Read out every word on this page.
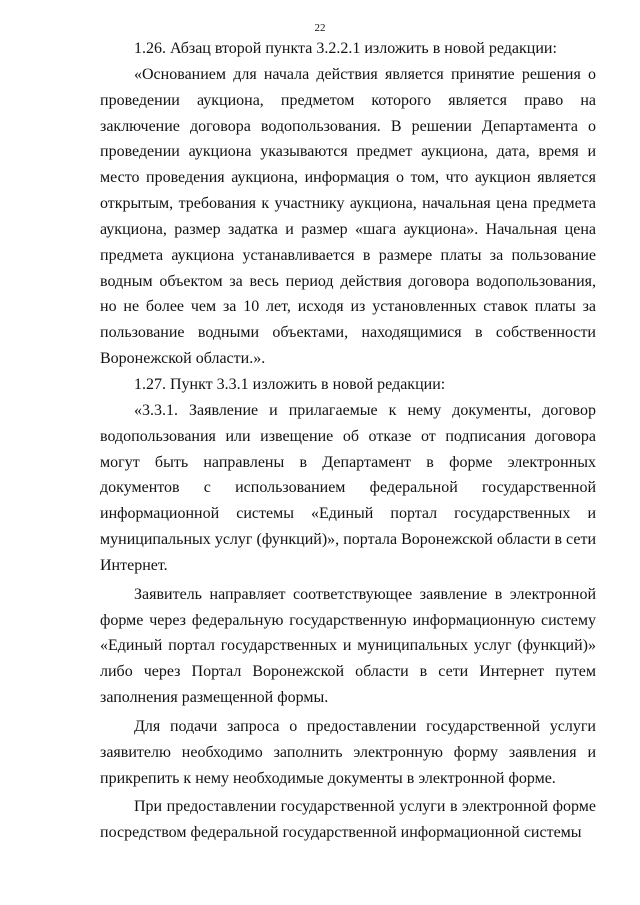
22

1.26. Абзац второй пункта 3.2.2.1 изложить в новой редакции:

«Основанием для начала действия является принятие решения о проведении аукциона, предметом которого является право на заключение договора водопользования. В решении Департамента о проведении аукциона указываются предмет аукциона, дата, время и место проведения аукциона, информация о том, что аукцион является открытым, требования к участнику аукциона, начальная цена предмета аукциона, размер задатка и размер «шага аукциона». Начальная цена предмета аукциона устанавливается в размере платы за пользование водным объектом за весь период действия договора водопользования, но не более чем за 10 лет, исходя из установленных ставок платы за пользование водными объектами, находящимися в собственности Воронежской области.».

1.27. Пункт 3.3.1 изложить в новой редакции:

«3.3.1. Заявление и прилагаемые к нему документы, договор водопользования или извещение об отказе от подписания договора могут быть направлены в Департамент в форме электронных документов с использованием федеральной государственной информационной системы «Единый портал государственных и муниципальных услуг (функций)», портала Воронежской области в сети Интернет.

Заявитель направляет соответствующее заявление в электронной форме через федеральную государственную информационную систему «Единый портал государственных и муниципальных услуг (функций)» либо через Портал Воронежской области в сети Интернет путем заполнения размещенной формы.

Для подачи запроса о предоставлении государственной услуги заявителю необходимо заполнить электронную форму заявления и прикрепить к нему необходимые документы в электронной форме.

При предоставлении государственной услуги в электронной форме посредством федеральной государственной информационной системы
